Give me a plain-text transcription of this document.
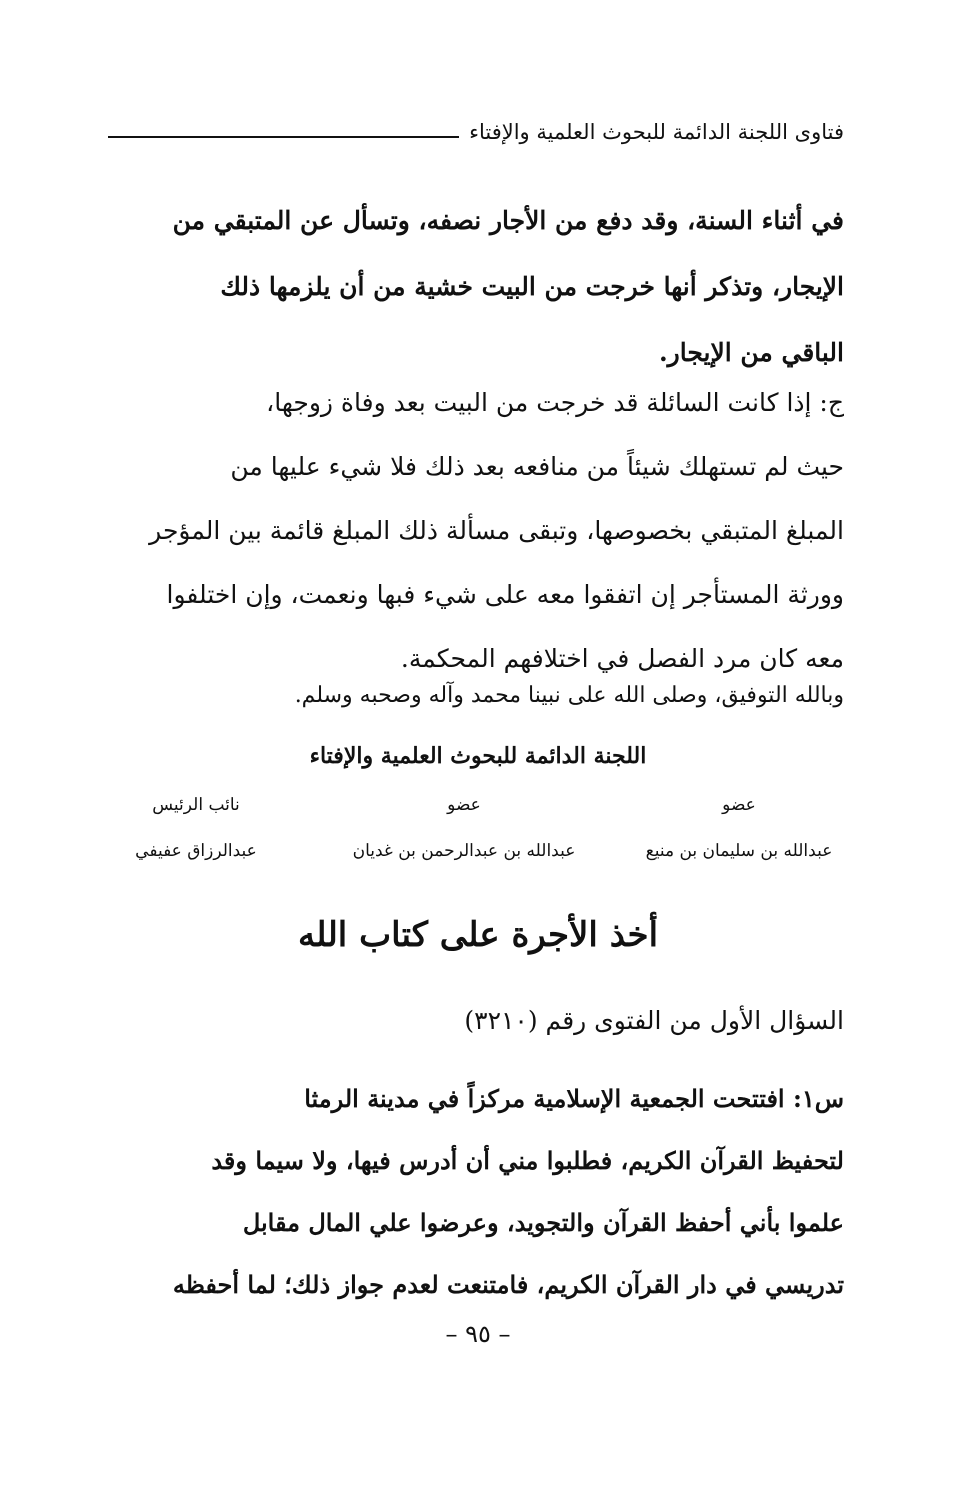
فتاوى اللجنة الدائمة للبحوث العلمية والإفتاء
في أثناء السنة، وقد دفع من الأجار نصفه، وتسأل عن المتبقي من
الإيجار، وتذكر أنها خرجت من البيت خشية من أن يلزمها ذلك
الباقي من الإيجار.
ج: إذا كانت السائلة قد خرجت من البيت بعد وفاة زوجها،
حيث لم تستهلك شيئاً من منافعه بعد ذلك فلا شيء عليها من
المبلغ المتبقي بخصوصها، وتبقى مسألة ذلك المبلغ قائمة بين المؤجر
وورثة المستأجر إن اتفقوا معه على شيء فبها ونعمت، وإن اختلفوا
معه كان مرد الفصل في اختلافهم المحكمة.
وبالله التوفيق، وصلى الله على نبينا محمد وآله وصحبه وسلم.
اللجنة الدائمة للبحوث العلمية والإفتاء
عضو
عبدالله بن سليمان بن منيع
عضو
عبدالله بن عبدالرحمن بن غديان
نائب الرئيس
عبدالرزاق عفيفي
أخذ الأجرة على كتاب الله
السؤال الأول من الفتوى رقم (٣٢١٠)
س١: افتتحت الجمعية الإسلامية مركزاً في مدينة الرمثا
لتحفيظ القرآن الكريم، فطلبوا مني أن أدرس فيها، ولا سيما وقد
علموا بأني أحفظ القرآن والتجويد، وعرضوا علي المال مقابل
تدريسي في دار القرآن الكريم، فامتنعت لعدم جواز ذلك؛ لما أحفظه
– ٩٥ –
